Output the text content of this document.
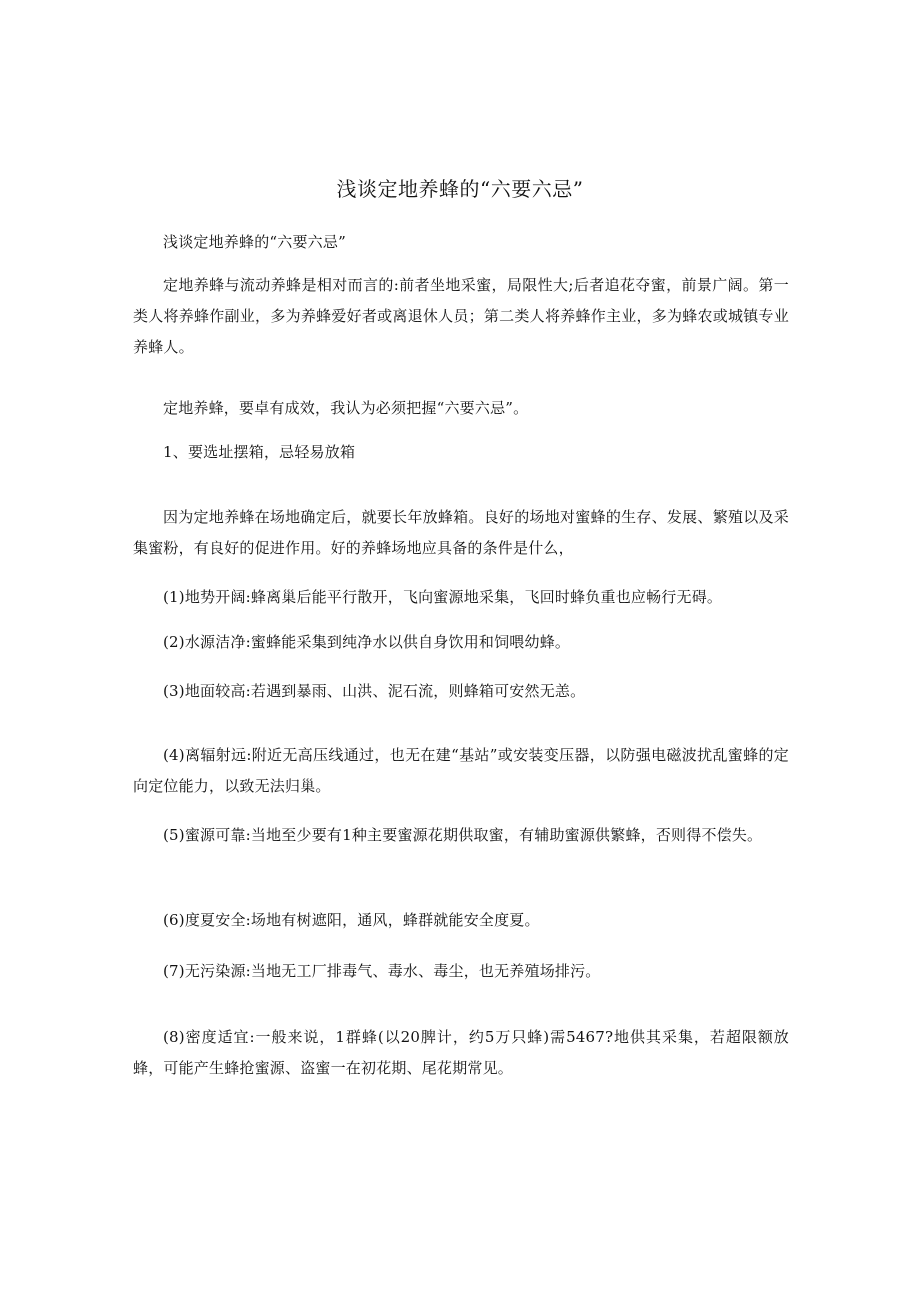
浅谈定地养蜂的“六要六忌”

浅谈定地养蜂的“六要六忌”

定地养蜂与流动养蜂是相对而言的:前者坐地采蜜，局限性大;后者追花夺蜜，前景广阔。第一类人将养蜂作副业，多为养蜂爱好者或离退休人员；第二类人将养蜂作主业，多为蜂农或城镇专业养蜂人。

定地养蜂，要卓有成效，我认为必须把握“六要六忌”。

1、要选址摆箱，忌轻易放箱

因为定地养蜂在场地确定后，就要长年放蜂箱。良好的场地对蜜蜂的生存、发展、繁殖以及采集蜜粉，有良好的促进作用。好的养蜂场地应具备的条件是什么，

(1)地势开阔:蜂离巢后能平行散开，飞向蜜源地采集，飞回时蜂负重也应畅行无碍。

(2)水源洁净:蜜蜂能采集到纯净水以供自身饮用和饲喂幼蜂。

(3)地面较高:若遇到暴雨、山洪、泥石流，则蜂箱可安然无恙。

(4)离辐射远:附近无高压线通过，也无在建“基站”或安装变压器，以防强电磁波扰乱蜜蜂的定向定位能力，以致无法归巢。

(5)蜜源可靠:当地至少要有1种主要蜜源花期供取蜜，有辅助蜜源供繁蜂，否则得不偿失。

(6)度夏安全:场地有树遮阳，通风，蜂群就能安全度夏。

(7)无污染源:当地无工厂排毒气、毒水、毒尘，也无养殖场排污。

(8)密度适宜:一般来说，1群蜂(以20脾计，约5万只蜂)需5467?地供其采集，若超限额放蜂，可能产生蜂抢蜜源、盗蜜一在初花期、尾花期常见。
